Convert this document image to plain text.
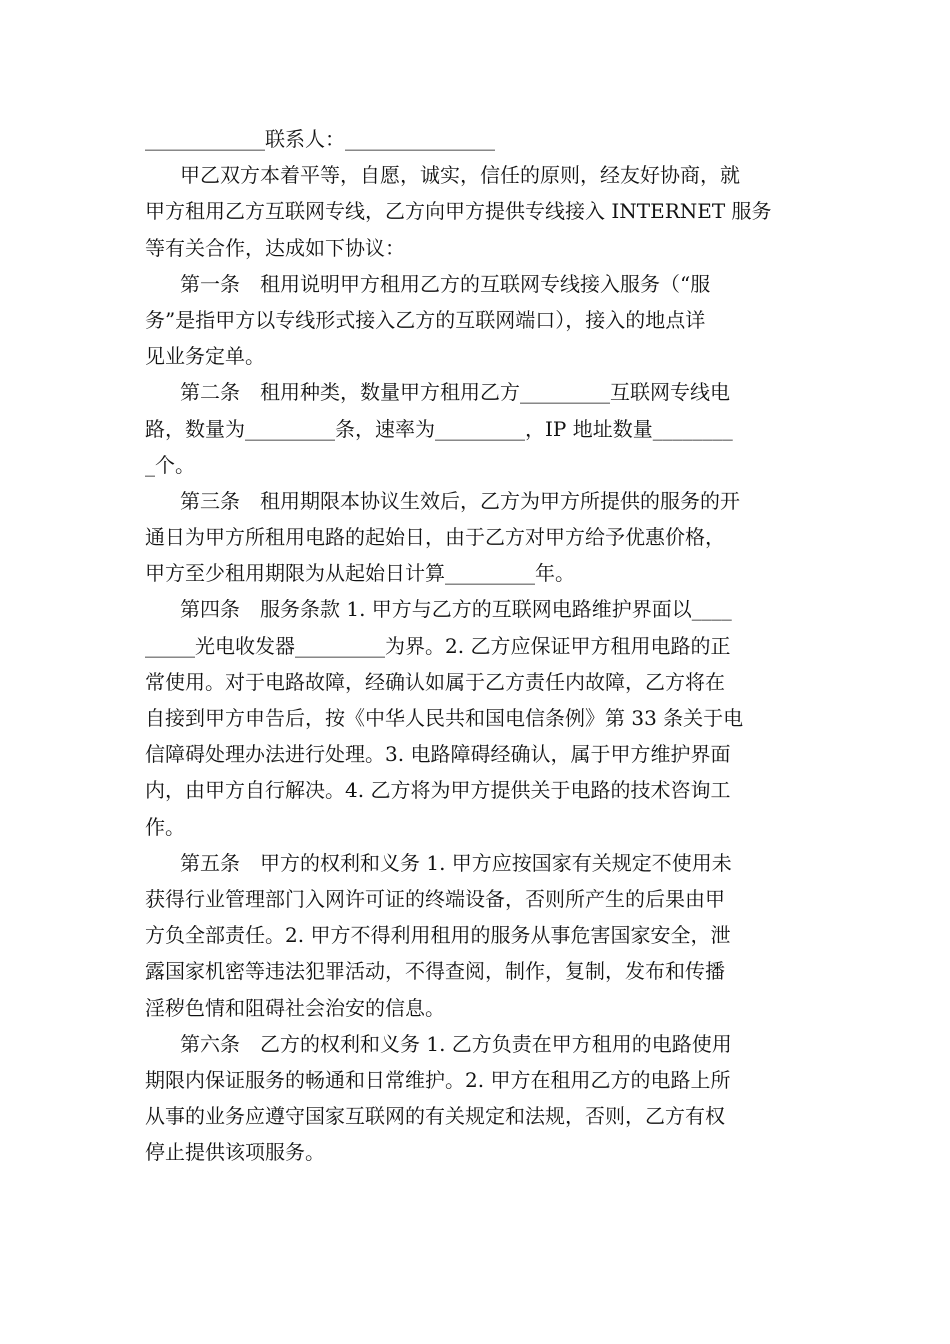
____________联系人：_______________
甲乙双方本着平等，自愿，诚实，信任的原则，经友好协商，就
甲方租用乙方互联网专线，乙方向甲方提供专线接入 INTERNET 服务
等有关合作，达成如下协议：
第一条　租用说明甲方租用乙方的互联网专线接入服务（“服
务”是指甲方以专线形式接入乙方的互联网端口），接入的地点详
见业务定单。
第二条　租用种类，数量甲方租用乙方_________互联网专线电
路，数量为_________条，速率为_________，IP 地址数量________
_个。
第三条　租用期限本协议生效后，乙方为甲方所提供的服务的开
通日为甲方所租用电路的起始日，由于乙方对甲方给予优惠价格，
甲方至少租用期限为从起始日计算_________年。
第四条　服务条款 1. 甲方与乙方的互联网电路维护界面以____
_____光电收发器_________为界。2. 乙方应保证甲方租用电路的正
常使用。对于电路故障，经确认如属于乙方责任内故障，乙方将在
自接到甲方申告后，按《中华人民共和国电信条例》第 33 条关于电
信障碍处理办法进行处理。3. 电路障碍经确认，属于甲方维护界面
内，由甲方自行解决。4. 乙方将为甲方提供关于电路的技术咨询工
作。
第五条　甲方的权利和义务 1. 甲方应按国家有关规定不使用未
获得行业管理部门入网许可证的终端设备，否则所产生的后果由甲
方负全部责任。2. 甲方不得利用租用的服务从事危害国家安全，泄
露国家机密等违法犯罪活动，不得查阅，制作，复制，发布和传播
淫秽色情和阻碍社会治安的信息。
第六条　乙方的权利和义务 1. 乙方负责在甲方租用的电路使用
期限内保证服务的畅通和日常维护。2. 甲方在租用乙方的电路上所
从事的业务应遵守国家互联网的有关规定和法规，否则，乙方有权
停止提供该项服务。
